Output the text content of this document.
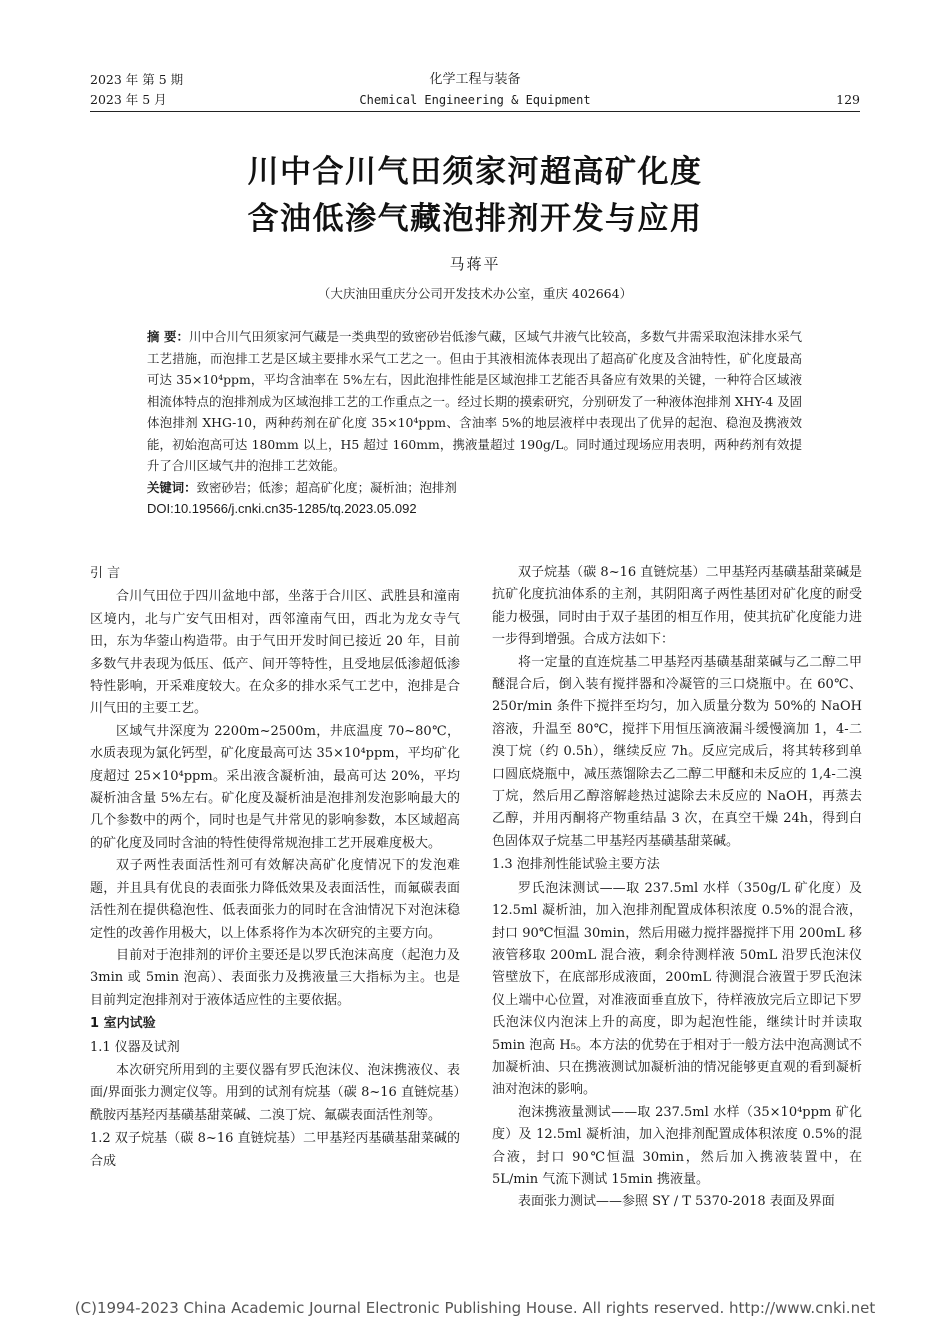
2023 年 第 5 期
2023 年 5 月
化学工程与装备
Chemical Engineering & Equipment	129
川中合川气田须家河超高矿化度
含油低渗气藏泡排剂开发与应用
马蒋平
（大庆油田重庆分公司开发技术办公室，重庆 402664）

摘 要：川中合川气田须家河气藏是一类典型的致密砂岩低渗气藏，区域气井液气比较高，多数气井需采取泡沫排水采气工艺措施，而泡排工艺是区域主要排水采气工艺之一。但由于其液相流体表现出了超高矿化度及含油特性，矿化度最高可达 35×10⁴ppm，平均含油率在 5%左右，因此泡排性能是区域泡排工艺能否具备应有效果的关键，一种符合区域液相流体特点的泡排剂成为区域泡排工艺的工作重点之一。经过长期的摸索研究，分别研发了一种液体泡排剂 XHY-4 及固体泡排剂 XHG-10，两种药剂在矿化度 35×10⁴ppm、含油率 5%的地层液样中表现出了优异的起泡、稳泡及携液效能，初始泡高可达 180mm 以上，H5 超过 160mm，携液量超过 190g/L。同时通过现场应用表明，两种药剂有效提升了合川区域气井的泡排工艺效能。

关键词：致密砂岩；低渗；超高矿化度；凝析油；泡排剂

DOI:10.19566/j.cnki.cn35-1285/tq.2023.05.092

引 言

合川气田位于四川盆地中部，坐落于合川区、武胜县和潼南区境内，北与广安气田相对，西邻潼南气田，西北为龙女寺气田，东为华蓥山构造带。由于气田开发时间已接近 20 年，目前多数气井表现为低压、低产、间开等特性，且受地层低渗超低渗特性影响，开采难度较大。在众多的排水采气工艺中，泡排是合川气田的主要工艺。

区域气井深度为 2200m~2500m，井底温度 70~80℃，水质表现为氯化钙型，矿化度最高可达 35×10⁴ppm，平均矿化度超过 25×10⁴ppm。采出液含凝析油，最高可达 20%，平均凝析油含量 5%左右。矿化度及凝析油是泡排剂发泡影响最大的几个参数中的两个，同时也是气井常见的影响参数，本区域超高的矿化度及同时含油的特性使得常规泡排工艺开展难度极大。

双子两性表面活性剂可有效解决高矿化度情况下的发泡难题，并且具有优良的表面张力降低效果及表面活性，而氟碳表面活性剂在提供稳泡性、低表面张力的同时在含油情况下对泡沫稳定性的改善作用极大，以上体系将作为本次研究的主要方向。

目前对于泡排剂的评价主要还是以罗氏泡沫高度（起泡力及 3min 或 5min 泡高）、表面张力及携液量三大指标为主。也是目前判定泡排剂对于液体适应性的主要依据。

1 室内试验

1.1 仪器及试剂

本次研究所用到的主要仪器有罗氏泡沫仪、泡沫携液仪、表面/界面张力测定仪等。用到的试剂有烷基（碳 8~16 直链烷基）酰胺丙基羟丙基磺基甜菜碱、二溴丁烷、氟碳表面活性剂等。

1.2 双子烷基（碳 8~16 直链烷基）二甲基羟丙基磺基甜菜碱的合成

双子烷基（碳 8~16 直链烷基）二甲基羟丙基磺基甜菜碱是抗矿化度抗油体系的主剂，其阴阳离子两性基团对矿化度的耐受能力极强，同时由于双子基团的相互作用，使其抗矿化度能力进一步得到增强。合成方法如下：

将一定量的直连烷基二甲基羟丙基磺基甜菜碱与乙二醇二甲醚混合后，倒入装有搅拌器和冷凝管的三口烧瓶中。在 60℃、250r/min 条件下搅拌至均匀，加入质量分数为 50%的 NaOH 溶液，升温至 80℃，搅拌下用恒压滴液漏斗缓慢滴加 1，4-二溴丁烷（约 0.5h），继续反应 7h。反应完成后，将其转移到单口圆底烧瓶中，减压蒸馏除去乙二醇二甲醚和未反应的 1,4-二溴丁烷，然后用乙醇溶解趁热过滤除去未反应的 NaOH，再蒸去乙醇，并用丙酮将产物重结晶 3 次，在真空干燥 24h，得到白色固体双子烷基二甲基羟丙基磺基甜菜碱。

1.3 泡排剂性能试验主要方法

罗氏泡沫测试——取 237.5ml 水样（350g/L 矿化度）及 12.5ml 凝析油，加入泡排剂配置成体积浓度 0.5%的混合液，封口 90℃恒温 30min，然后用磁力搅拌器搅拌下用 200mL 移液管移取 200mL 混合液，剩余待测样液 50mL 沿罗氏泡沫仪管壁放下，在底部形成液面，200mL 待测混合液置于罗氏泡沫仪上端中心位置，对准液面垂直放下，待样液放完后立即记下罗氏泡沫仪内泡沫上升的高度，即为起泡性能，继续计时并读取 5min 泡高 H₅。本方法的优势在于相对于一般方法中泡高测试不加凝析油、只在携液测试加凝析油的情况能够更直观的看到凝析油对泡沫的影响。

泡沫携液量测试——取 237.5ml 水样（35×10⁴ppm 矿化度）及 12.5ml 凝析油，加入泡排剂配置成体积浓度 0.5%的混合液，封口 90℃恒温 30min，然后加入携液装置中，在 5L/min 气流下测试 15min 携液量。

表面张力测试——参照 SY / T 5370-2018 表面及界面

(C)1994-2023 China Academic Journal Electronic Publishing House. All rights reserved. http://www.cnki.net
